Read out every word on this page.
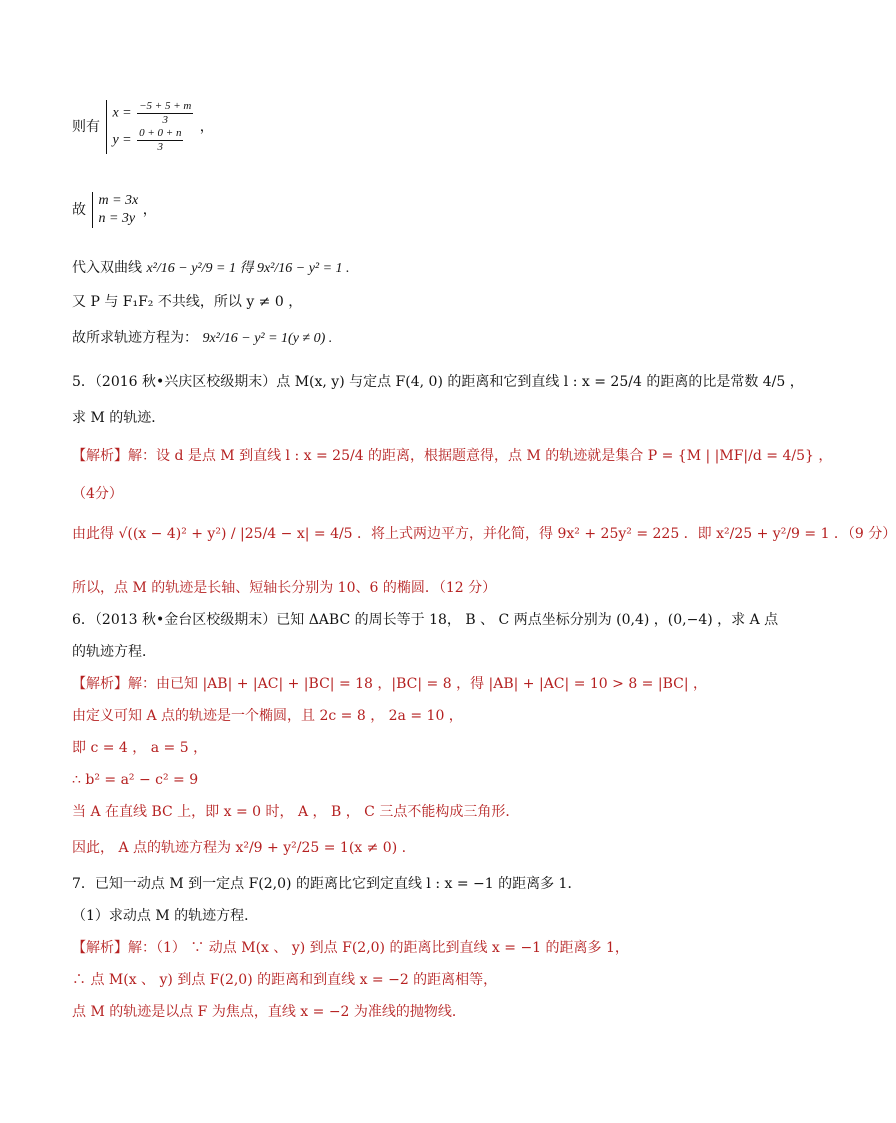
则有
$x = \frac{-5 + 5 + m}{3}$
$y = \frac{0 + 0 + n}{3}$ ，
故
m = 3x
n = 3y
，
代入双曲线 x²/16 − y²/9 = 1 得 9x²/16 − y² = 1 .
又 P 与 F₁F₂ 不共线，所以 y ≠ 0 ，
故所求轨迹方程为： 9x²/16 − y² = 1(y ≠ 0) .
5．（2016 秋•兴庆区校级期末）点 M(x, y) 与定点 F(4, 0) 的距离和它到直线 l : x = 25/4 的距离的比是常数 4/5 ，
求 M 的轨迹．
【解析】解：设 d 是点 M 到直线 l : x = 25/4 的距离，根据题意得，点 M 的轨迹就是集合 P = {M | |MF|/d = 4/5} ，
（4分）
由此得 √((x − 4)² + y²) / |25/4 − x| = 4/5 ．将上式两边平方，并化简，得 9x² + 25y² = 225 ．即 x²/25 + y²/9 = 1 ．（9 分）
所以，点 M 的轨迹是长轴、短轴长分别为 10、6 的椭圆．（12 分）
6．（2013 秋•金台区校级期末）已知 ΔABC 的周长等于 18， B 、 C 两点坐标分别为 (0,4) ，(0,−4) ，求 A 点
的轨迹方程．
【解析】解：由已知 |AB| + |AC| + |BC| = 18 ，|BC| = 8 ，得 |AB| + |AC| = 10 > 8 = |BC| ，
由定义可知 A 点的轨迹是一个椭圆，且 2c = 8 ， 2a = 10 ，
即 c = 4 ， a = 5 ，
∴ b² = a² − c² = 9
当 A 在直线 BC 上，即 x = 0 时， A ， B ， C 三点不能构成三角形．
因此， A 点的轨迹方程为 x²/9 + y²/25 = 1(x ≠ 0) .
7．已知一动点 M 到一定点 F(2,0) 的距离比它到定直线 l : x = −1 的距离多 1．
（1）求动点 M 的轨迹方程．
【解析】解：（1） ∵ 动点 M(x 、 y) 到点 F(2,0) 的距离比到直线 x = −1 的距离多 1，
∴ 点 M(x 、 y) 到点 F(2,0) 的距离和到直线 x = −2 的距离相等，
点 M 的轨迹是以点 F 为焦点，直线 x = −2 为准线的抛物线．
